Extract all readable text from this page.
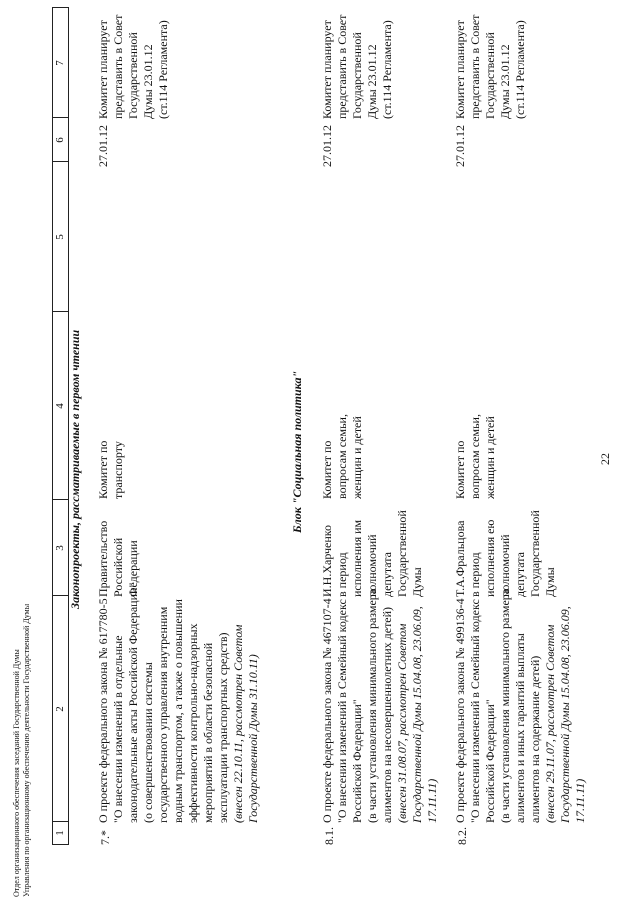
22
Отдел организационного обеспечения заседаний Государственной Думы Управления по организационному обеспечению деятельности Государственной Думы 1
2
3
4
5
6
7
Законопроекты, рассматриваемые в первом чтении	Блок "Социальная политика"
7.*
О проекте федерального закона № 617780-5 "О внесении изменений в отдельные законодательные акты Российской Федерации" (о совершенствовании системы государственного управления внутренним водным транспортом, а также о повышении эффективности контрольно-надзорных мероприятий в области безопасной эксплуатации транспортных средств) (внесен 22.10.11, рассмотрен Советом Государственной Думы 31.10.11)
Правительство Российской Федерации
Комитет по транспорту
27.01.12
Комитет планирует представить в Совет Государственной Думы 23.01.12 (ст.114 Регламента)
8.1.
О проекте федерального закона № 467107-4 "О внесении изменений в Семейный кодекс Российской Федерации" (в части установления минимального размера алиментов на несовершеннолетних детей) (внесен 31.08.07, рассмотрен Советом Государственной Думы 15.04.08, 23.06.09, 17.11.11)
И.Н.Харченко в период исполнения им полномочий депутата Государственной Думы
Комитет по вопросам семьи, женщин и детей
27.01.12
Комитет планирует представить в Совет Государственной Думы 23.01.12 (ст.114 Регламента)
8.2.
О проекте федерального закона № 499136-4 "О внесении изменений в Семейный кодекс Российской Федерации" (в части установления минимального размера алиментов и иных гарантий выплаты алиментов на содержание детей) (внесен 29.11.07, рассмотрен Советом Государственной Думы 15.04.08, 23.06.09, 17.11.11)
Т.А.Фральцова в период исполнения ею полномочий депутата Государственной Думы
Комитет по вопросам семьи, женщин и детей
27.01.12
Комитет планирует представить в Совет Государственной Думы 23.01.12 (ст.114 Регламента)
